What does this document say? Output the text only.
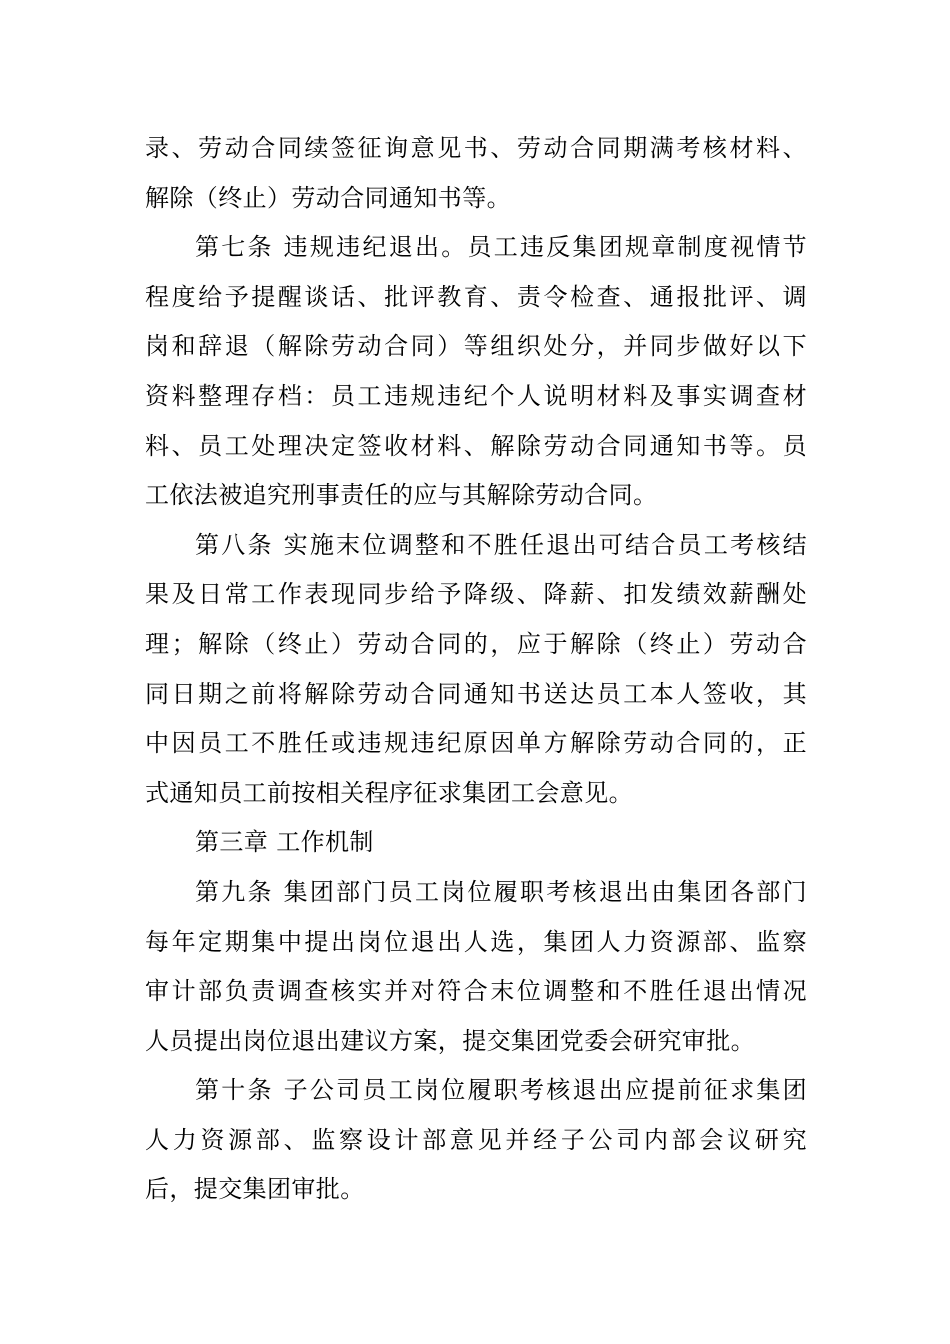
录、劳动合同续签征询意见书、劳动合同期满考核材料、
解除（终止）劳动合同通知书等。
第七条 违规违纪退出。员工违反集团规章制度视情节
程度给予提醒谈话、批评教育、责令检查、通报批评、调
岗和辞退（解除劳动合同）等组织处分，并同步做好以下
资料整理存档：员工违规违纪个人说明材料及事实调查材
料、员工处理决定签收材料、解除劳动合同通知书等。员
工依法被追究刑事责任的应与其解除劳动合同。
第八条 实施末位调整和不胜任退出可结合员工考核结
果及日常工作表现同步给予降级、降薪、扣发绩效薪酬处
理；解除（终止）劳动合同的，应于解除（终止）劳动合
同日期之前将解除劳动合同通知书送达员工本人签收，其
中因员工不胜任或违规违纪原因单方解除劳动合同的，正
式通知员工前按相关程序征求集团工会意见。
第三章 工作机制
第九条 集团部门员工岗位履职考核退出由集团各部门
每年定期集中提出岗位退出人选，集团人力资源部、监察
审计部负责调查核实并对符合末位调整和不胜任退出情况
人员提出岗位退出建议方案，提交集团党委会研究审批。
第十条 子公司员工岗位履职考核退出应提前征求集团
人力资源部、监察设计部意见并经子公司内部会议研究
后，提交集团审批。
